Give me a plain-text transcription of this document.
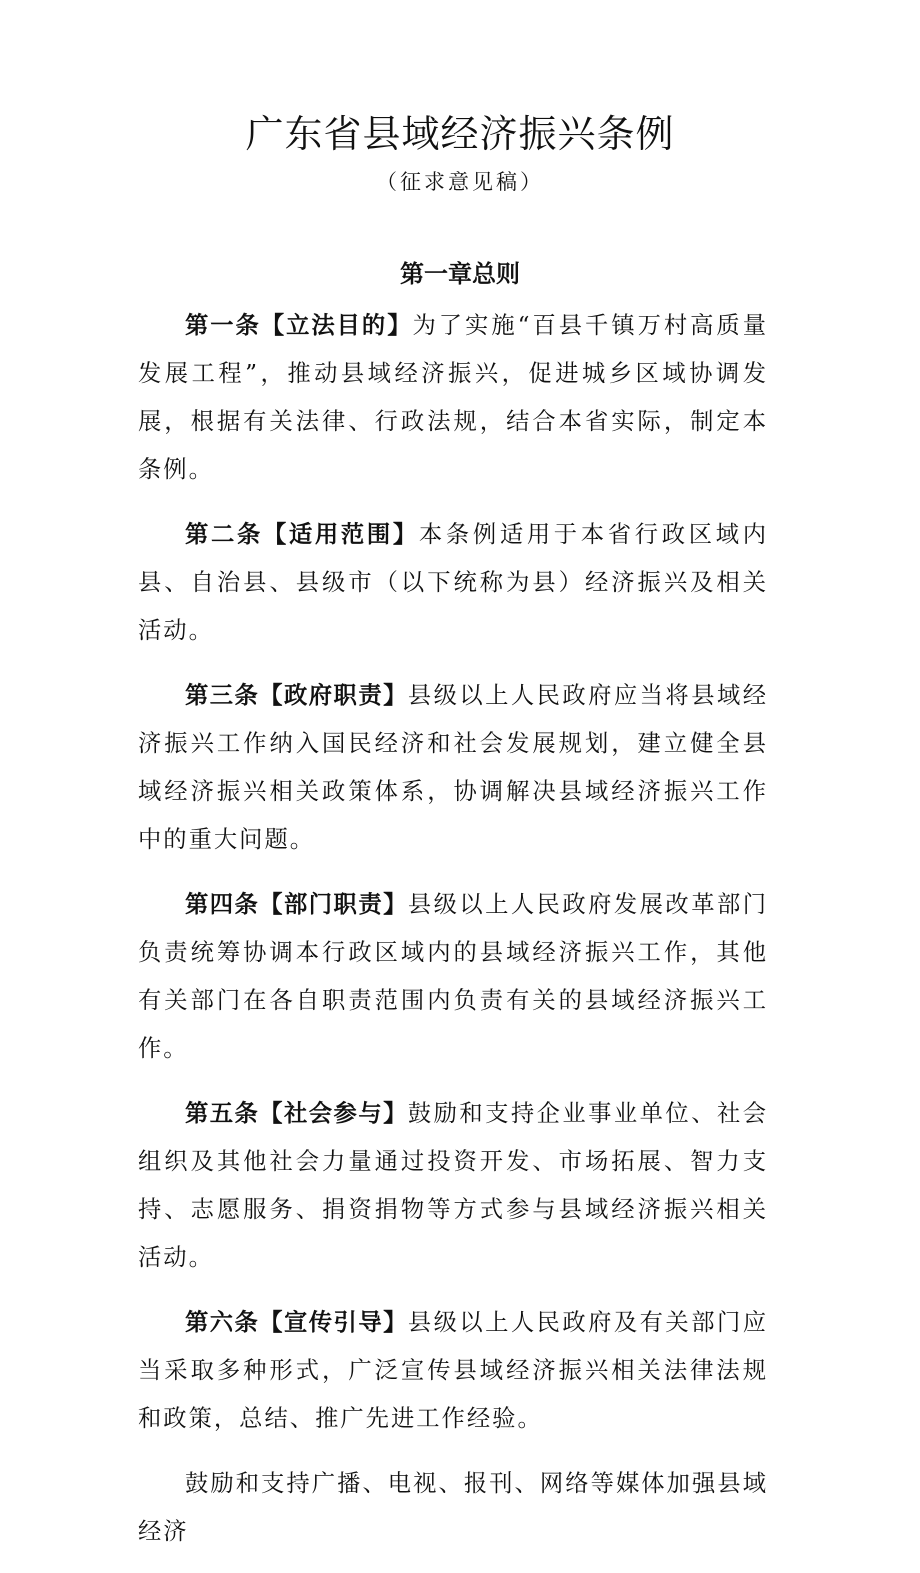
广东省县域经济振兴条例

（征求意见稿）

第一章总则

第一条【立法目的】为了实施“百县千镇万村高质量发展工程”，推动县域经济振兴，促进城乡区域协调发展，根据有关法律、行政法规，结合本省实际，制定本条例。

第二条【适用范围】本条例适用于本省行政区域内县、自治县、县级市（以下统称为县）经济振兴及相关活动。

第三条【政府职责】县级以上人民政府应当将县域经济振兴工作纳入国民经济和社会发展规划，建立健全县域经济振兴相关政策体系，协调解决县域经济振兴工作中的重大问题。

第四条【部门职责】县级以上人民政府发展改革部门负责统筹协调本行政区域内的县域经济振兴工作，其他有关部门在各自职责范围内负责有关的县域经济振兴工作。

第五条【社会参与】鼓励和支持企业事业单位、社会组织及其他社会力量通过投资开发、市场拓展、智力支持、志愿服务、捐资捐物等方式参与县域经济振兴相关活动。

第六条【宣传引导】县级以上人民政府及有关部门应当采取多种形式，广泛宣传县域经济振兴相关法律法规和政策，总结、推广先进工作经验。

鼓励和支持广播、电视、报刊、网络等媒体加强县域经济
